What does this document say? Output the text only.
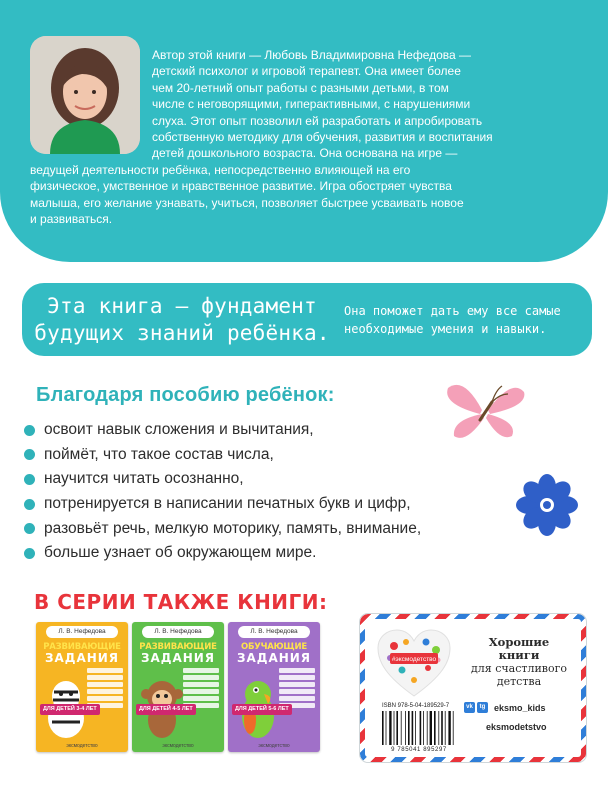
Автор этой книги — Любовь Владимировна Нефедова —
детский психолог и игровой терапевт. Она имеет более
чем 20-летний опыт работы с разными детьми, в том
числе с неговорящими, гиперактивными, с нарушениями
слуха. Этот опыт позволил ей разработать и апробировать
собственную методику для обучения, развития и воспитания
детей дошкольного возраста. Она основана на игре —
ведущей деятельности ребёнка, непосредственно влияющей на его
физическое, умственное и нравственное развитие. Игра обостряет чувства
малыша, его желание узнавать, учиться, позволяет быстрее усваивать новое
и развиваться.
Эта книга — фундамент
будущих знаний ребёнка.
Она поможет дать ему все самые
необходимые умения и навыки.
Благодаря пособию ребёнок:
освоит навык сложения и вычитания,
поймёт, что такое состав числа,
научится читать осознанно,
потренируется в написании печатных букв и цифр,
разовьёт речь, мелкую моторику, память, внимание,
больше узнает об окружающем мире.
В СЕРИИ ТАКЖЕ КНИГИ:
Л. В. Нефедова
РАЗВИВАЮЩИЕ
ЗАДАНИЯ
ДЛЯ ДЕТЕЙ 3-4 ЛЕТ
эксмодетство
Л. В. Нефедова
РАЗВИВАЮЩИЕ
ЗАДАНИЯ
ДЛЯ ДЕТЕЙ 4-5 ЛЕТ
эксмодетство
Л. В. Нефедова
ОБУЧАЮЩИЕ
ЗАДАНИЯ
ДЛЯ ДЕТЕЙ 5-6 ЛЕТ
эксмодетство
#эксмодетство
Хорошие
книги
для счастливого
детства
ISBN 978-5-04-189529-7
9 785041 895297
vk	tg eksmo_kids
eksmodetstvo
